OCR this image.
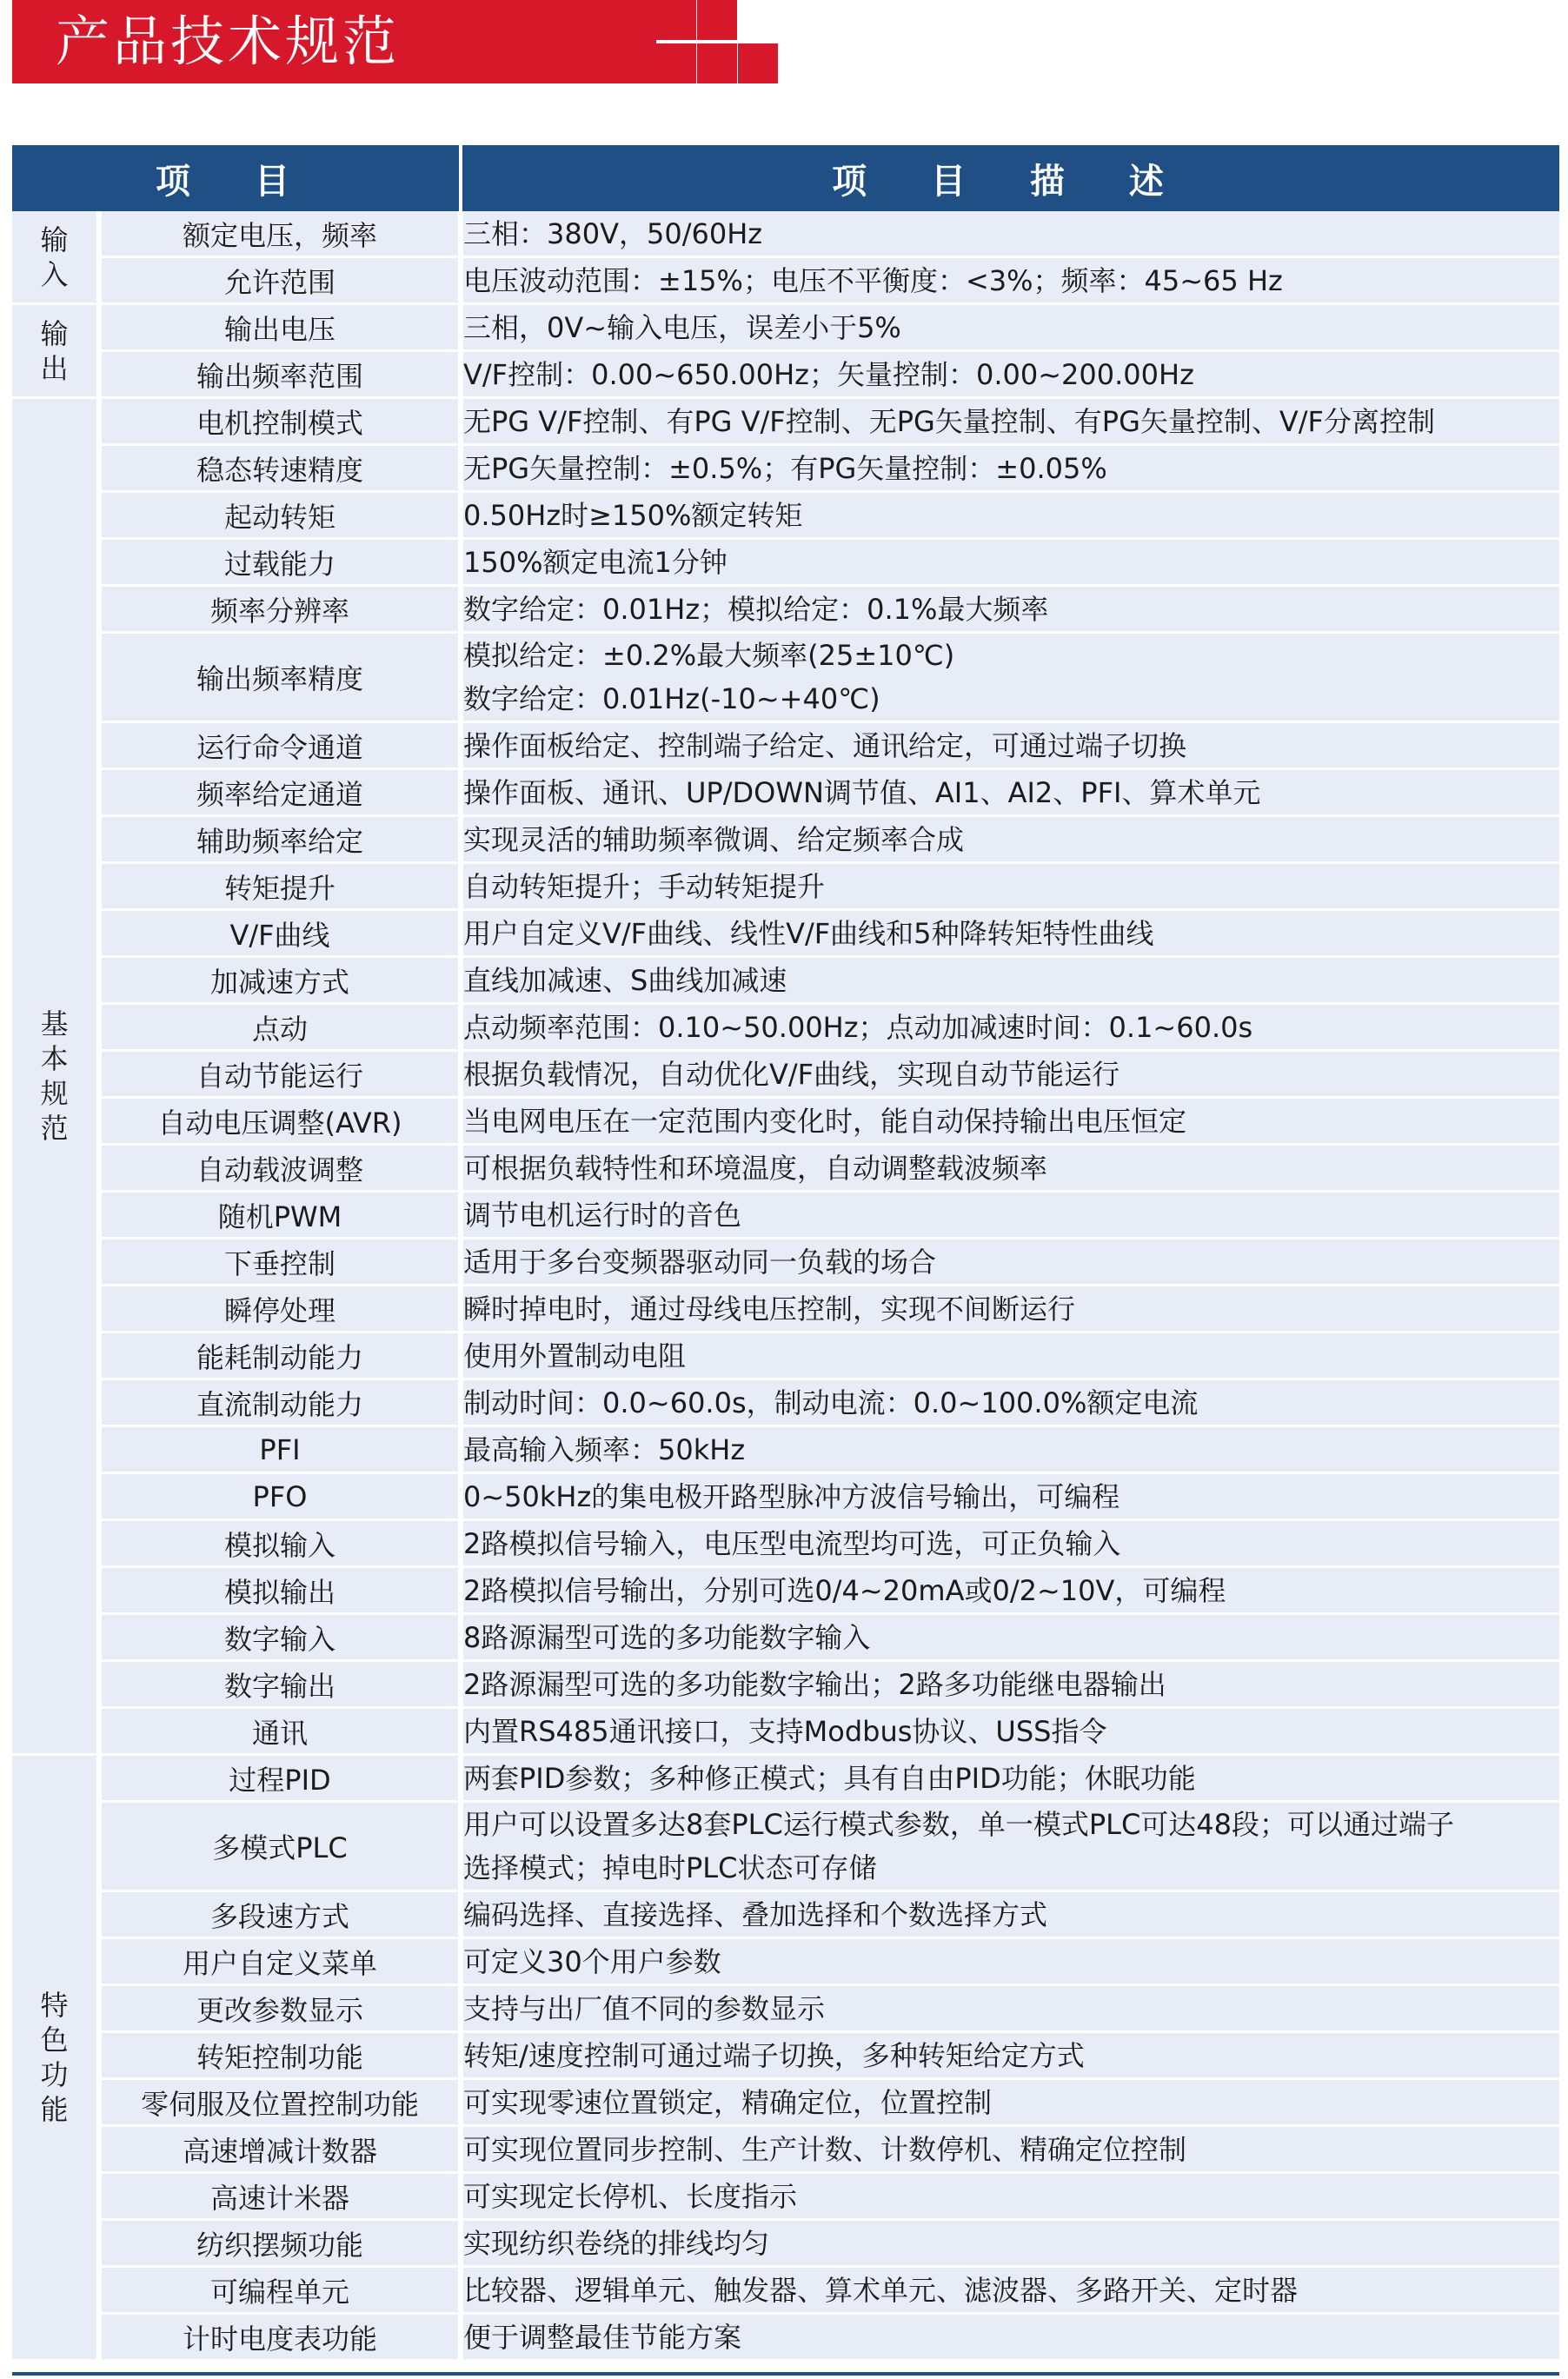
产品技术规范
项 目		项 目 描 述
输入	额定电压，频率	三相：380V，50/60Hz

	允许范围	电压波动范围：±15%；电压不平衡度：<3%；频率：45~65 Hz

输出	输出电压	三相，0V~输入电压，误差小于5%

	输出频率范围	V/F控制：0.00~650.00Hz；矢量控制：0.00~200.00Hz

基本规范	电机控制模式	无PG V/F控制、有PG V/F控制、无PG矢量控制、有PG矢量控制、V/F分离控制

	稳态转速精度	无PG矢量控制：±0.5%；有PG矢量控制：±0.05%

	起动转矩	0.50Hz时≥150%额定转矩

	过载能力	150%额定电流1分钟

	频率分辨率	数字给定：0.01Hz；模拟给定：0.1%最大频率

	输出频率精度	模拟给定：±0.2%最大频率(25±10℃)
数字给定：0.01Hz(-10~+40℃)

	运行命令通道	操作面板给定、控制端子给定、通讯给定，可通过端子切换

	频率给定通道	操作面板、通讯、UP/DOWN调节值、AI1、AI2、PFI、算术单元

	辅助频率给定	实现灵活的辅助频率微调、给定频率合成

	转矩提升	自动转矩提升；手动转矩提升

	V/F曲线	用户自定义V/F曲线、线性V/F曲线和5种降转矩特性曲线

	加减速方式	直线加减速、S曲线加减速

	点动	点动频率范围：0.10~50.00Hz；点动加减速时间：0.1~60.0s

	自动节能运行	根据负载情况，自动优化V/F曲线，实现自动节能运行

	自动电压调整(AVR)	当电网电压在一定范围内变化时，能自动保持输出电压恒定

	自动载波调整	可根据负载特性和环境温度，自动调整载波频率

	随机PWM	调节电机运行时的音色

	下垂控制	适用于多台变频器驱动同一负载的场合

	瞬停处理	瞬时掉电时，通过母线电压控制，实现不间断运行

	能耗制动能力	使用外置制动电阻

	直流制动能力	制动时间：0.0~60.0s，制动电流：0.0~100.0%额定电流

	PFI	最高输入频率：50kHz

	PFO	0~50kHz的集电极开路型脉冲方波信号输出，可编程

	模拟输入	2路模拟信号输入，电压型电流型均可选，可正负输入

	模拟输出	2路模拟信号输出，分别可选0/4~20mA或0/2~10V，可编程

	数字输入	8路源漏型可选的多功能数字输入

	数字输出	2路源漏型可选的多功能数字输出；2路多功能继电器输出

	通讯	内置RS485通讯接口，支持Modbus协议、USS指令

特色功能	过程PID	两套PID参数；多种修正模式；具有自由PID功能；休眠功能

	多模式PLC	用户可以设置多达8套PLC运行模式参数，单一模式PLC可达48段；可以通过端子
选择模式；掉电时PLC状态可存储

	多段速方式	编码选择、直接选择、叠加选择和个数选择方式

	用户自定义菜单	可定义30个用户参数

	更改参数显示	支持与出厂值不同的参数显示

	转矩控制功能	转矩/速度控制可通过端子切换，多种转矩给定方式

	零伺服及位置控制功能	可实现零速位置锁定，精确定位，位置控制

	高速增减计数器	可实现位置同步控制、生产计数、计数停机、精确定位控制

	高速计米器	可实现定长停机、长度指示

	纺织摆频功能	实现纺织卷绕的排线均匀

	可编程单元	比较器、逻辑单元、触发器、算术单元、滤波器、多路开关、定时器

	计时电度表功能	便于调整最佳节能方案
